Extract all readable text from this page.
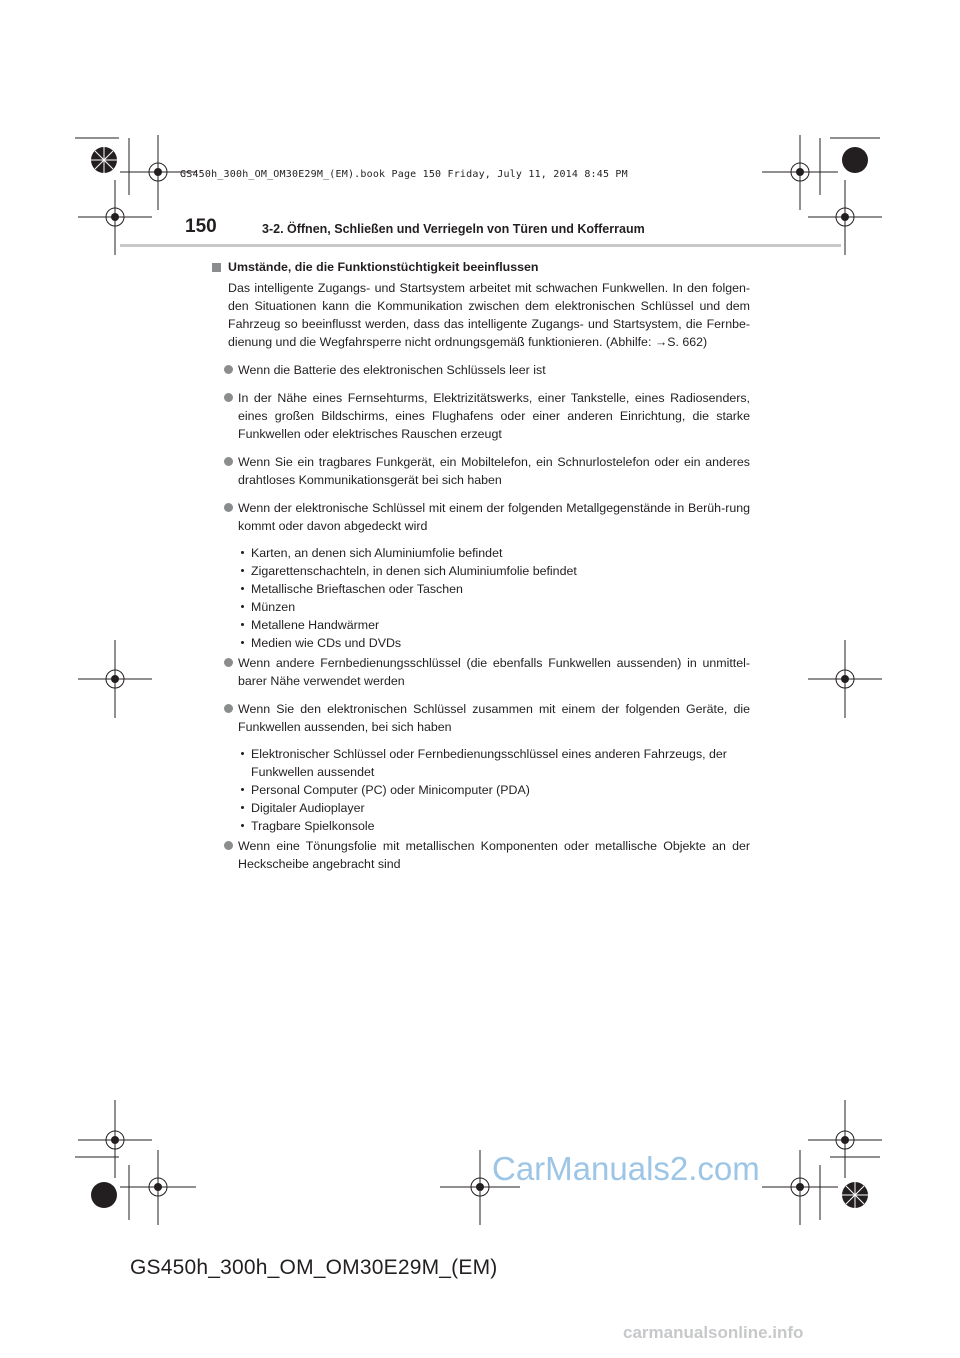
GS450h_300h_OM_OM30E29M_(EM).book Page 150 Friday, July 11, 2014 8:45 PM
150	3-2. Öffnen, Schließen und Verriegeln von Türen und Kofferraum
Umstände, die die Funktionstüchtigkeit beeinflussen
Das intelligente Zugangs- und Startsystem arbeitet mit schwachen Funkwellen. In den folgen-den Situationen kann die Kommunikation zwischen dem elektronischen Schlüssel und dem Fahrzeug so beeinflusst werden, dass das intelligente Zugangs- und Startsystem, die Fernbe-dienung und die Wegfahrsperre nicht ordnungsgemäß funktionieren. (Abhilfe: →S. 662)
Wenn die Batterie des elektronischen Schlüssels leer ist
In der Nähe eines Fernsehturms, Elektrizitätswerks, einer Tankstelle, eines Radiosenders, eines großen Bildschirms, eines Flughafens oder einer anderen Einrichtung, die starke Funkwellen oder elektrisches Rauschen erzeugt
Wenn Sie ein tragbares Funkgerät, ein Mobiltelefon, ein Schnurlostelefon oder ein anderes drahtloses Kommunikationsgerät bei sich haben
Wenn der elektronische Schlüssel mit einem der folgenden Metallgegenstände in Berüh-rung kommt oder davon abgedeckt wird
Karten, an denen sich Aluminiumfolie befindet
Zigarettenschachteln, in denen sich Aluminiumfolie befindet
Metallische Brieftaschen oder Taschen
Münzen
Metallene Handwärmer
Medien wie CDs und DVDs
Wenn andere Fernbedienungsschlüssel (die ebenfalls Funkwellen aussenden) in unmittel-barer Nähe verwendet werden
Wenn Sie den elektronischen Schlüssel zusammen mit einem der folgenden Geräte, die Funkwellen aussenden, bei sich haben
Elektronischer Schlüssel oder Fernbedienungsschlüssel eines anderen Fahrzeugs, der Funkwellen aussendet
Personal Computer (PC) oder Minicomputer (PDA)
Digitaler Audioplayer
Tragbare Spielkonsole
Wenn eine Tönungsfolie mit metallischen Komponenten oder metallische Objekte an der Heckscheibe angebracht sind
CarManuals2.com
GS450h_300h_OM_OM30E29M_(EM)
carmanualsonline.info
